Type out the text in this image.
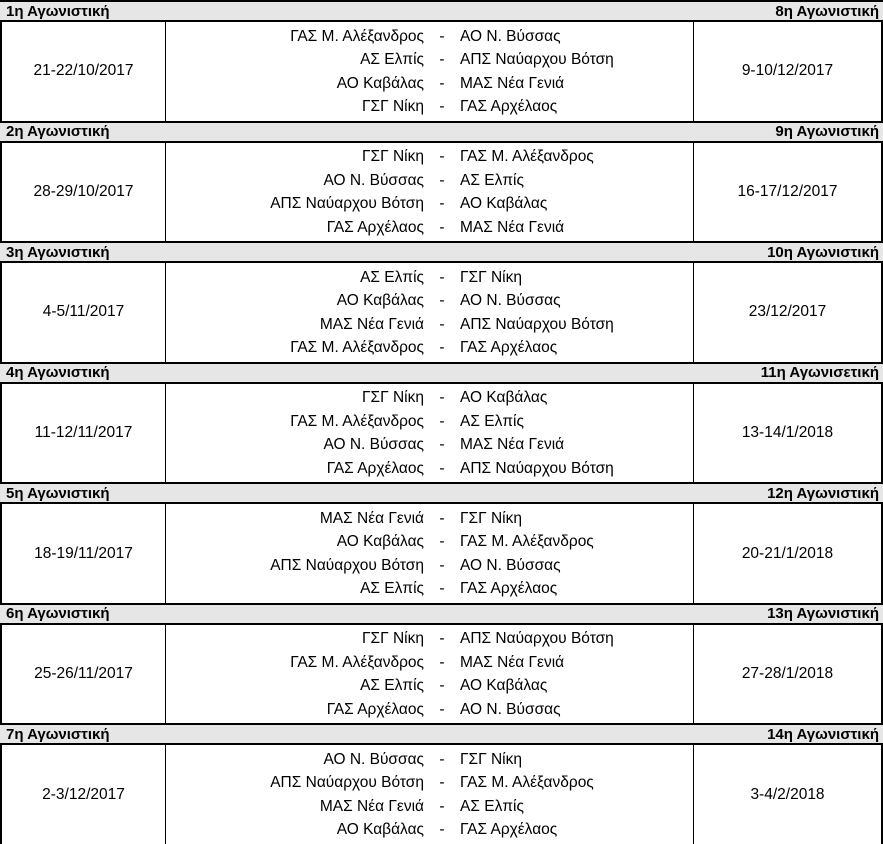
1η Αγωνιστική	8η Αγωνιστική
21-22/10/2017
ΓΑΣ Μ. Αλέξανδρος - ΑΟ Ν. Βύσσας
ΑΣ Ελπίς - ΑΠΣ Ναύαρχου Βότση
ΑΟ Καβάλας - ΜΑΣ Νέα Γενιά
ΓΣΓ Νίκη - ΓΑΣ Αρχέλαος
9-10/12/2017
2η Αγωνιστική	9η Αγωνιστική
28-29/10/2017
ΓΣΓ Νίκη - ΓΑΣ Μ. Αλέξανδρος
ΑΟ Ν. Βύσσας - ΑΣ Ελπίς
ΑΠΣ Ναύαρχου Βότση - ΑΟ Καβάλας
ΓΑΣ Αρχέλαος - ΜΑΣ Νέα Γενιά
16-17/12/2017
3η Αγωνιστική	10η Αγωνιστική
4-5/11/2017
ΑΣ Ελπίς - ΓΣΓ Νίκη
ΑΟ Καβάλας - ΑΟ Ν. Βύσσας
ΜΑΣ Νέα Γενιά - ΑΠΣ Ναύαρχου Βότση
ΓΑΣ Μ. Αλέξανδρος - ΓΑΣ Αρχέλαος
23/12/2017
4η Αγωνιστική	11η Αγωνισετική
11-12/11/2017
ΓΣΓ Νίκη - ΑΟ Καβάλας
ΓΑΣ Μ. Αλέξανδρος - ΑΣ Ελπίς
ΑΟ Ν. Βύσσας - ΜΑΣ Νέα Γενιά
ΓΑΣ Αρχέλαος - ΑΠΣ Ναύαρχου Βότση
13-14/1/2018
5η Αγωνιστική	12η Αγωνιστική
18-19/11/2017
ΜΑΣ Νέα Γενιά - ΓΣΓ Νίκη
ΑΟ Καβάλας - ΓΑΣ Μ. Αλέξανδρος
ΑΠΣ Ναύαρχου Βότση - ΑΟ Ν. Βύσσας
ΑΣ Ελπίς - ΓΑΣ Αρχέλαος
20-21/1/2018
6η Αγωνιστική	13η Αγωνιστική
25-26/11/2017
ΓΣΓ Νίκη - ΑΠΣ Ναύαρχου Βότση
ΓΑΣ Μ. Αλέξανδρος - ΜΑΣ Νέα Γενιά
ΑΣ Ελπίς - ΑΟ Καβάλας
ΓΑΣ Αρχέλαος - ΑΟ Ν. Βύσσας
27-28/1/2018
7η Αγωνιστική	14η Αγωνιστική
2-3/12/2017
ΑΟ Ν. Βύσσας - ΓΣΓ Νίκη
ΑΠΣ Ναύαρχου Βότση - ΓΑΣ Μ. Αλέξανδρος
ΜΑΣ Νέα Γενιά - ΑΣ Ελπίς
ΑΟ Καβάλας - ΓΑΣ Αρχέλαος
3-4/2/2018
